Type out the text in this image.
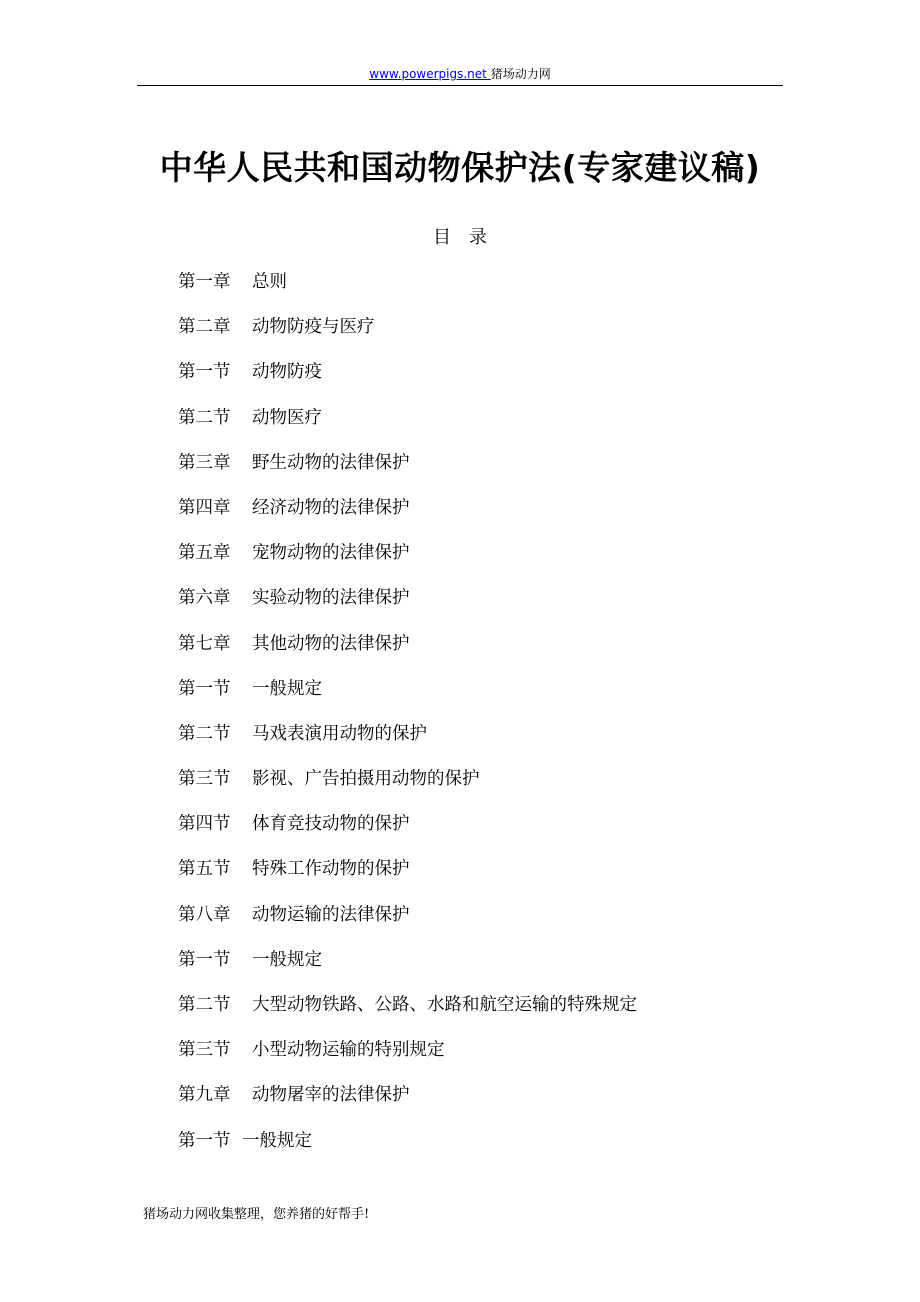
www.powerpigs.net 猪场动力网
中华人民共和国动物保护法(专家建议稿)
目　录
第一章 总则
第二章 动物防疫与医疗
第一节 动物防疫
第二节 动物医疗
第三章 野生动物的法律保护
第四章 经济动物的法律保护
第五章 宠物动物的法律保护
第六章 实验动物的法律保护
第七章 其他动物的法律保护
第一节 一般规定
第二节 马戏表演用动物的保护
第三节 影视、广告拍摄用动物的保护
第四节 体育竞技动物的保护
第五节 特殊工作动物的保护
第八章 动物运输的法律保护
第一节 一般规定
第二节 大型动物铁路、公路、水路和航空运输的特殊规定
第三节 小型动物运输的特别规定
第九章 动物屠宰的法律保护
第一节 一般规定
猪场动力网收集整理，您养猪的好帮手!
